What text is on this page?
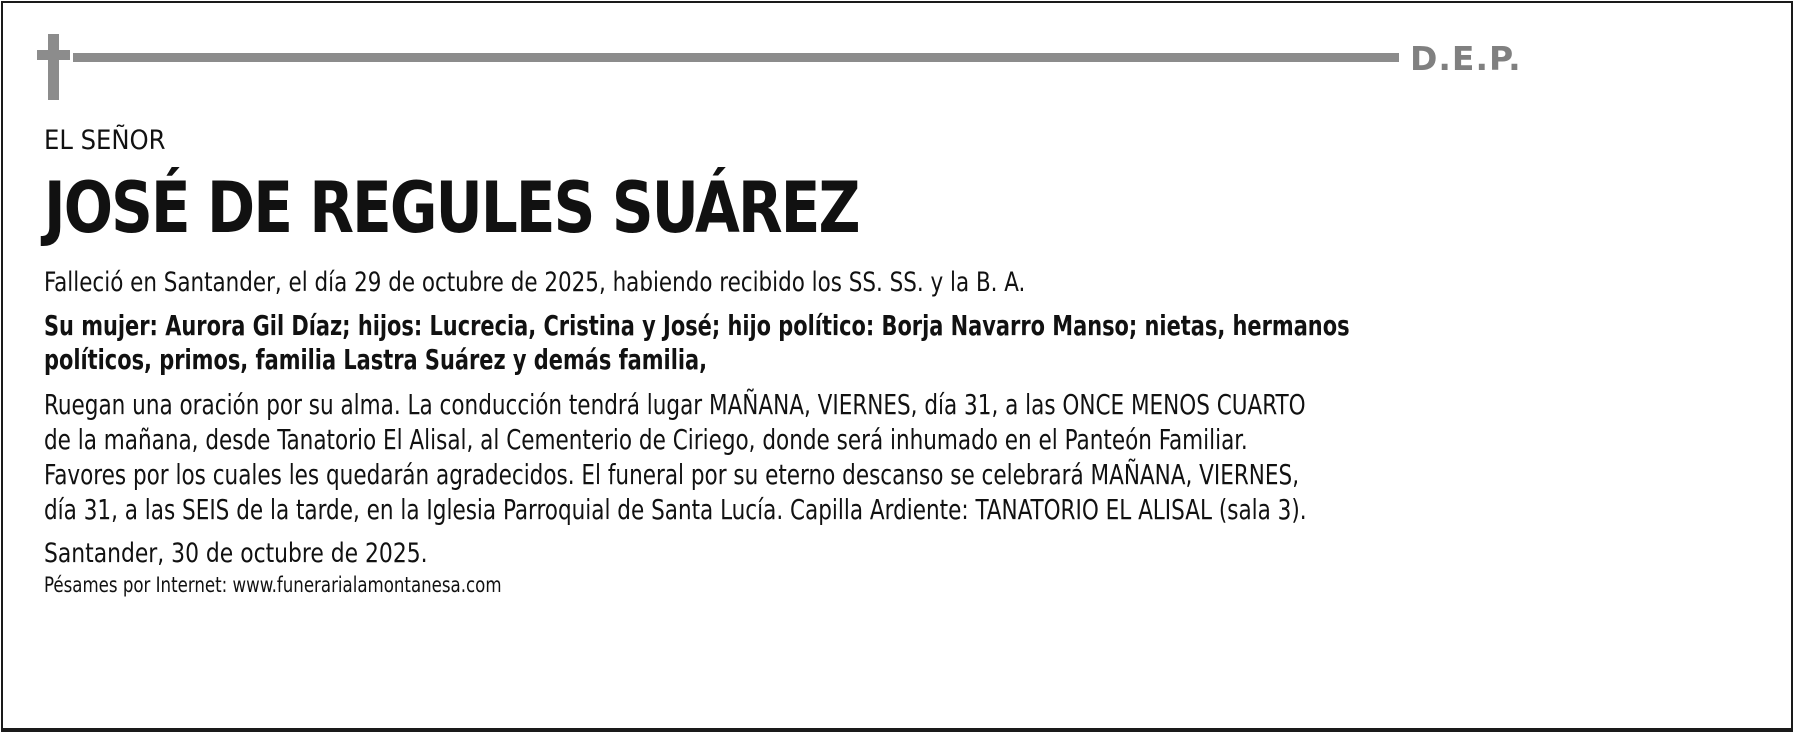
D.E.P.
EL SEÑOR
JOSÉ DE REGULES SUÁREZ
Falleció en Santander, el día 29 de octubre de 2025, habiendo recibido los SS. SS. y la B. A.
Su mujer: Aurora Gil Díaz; hijos: Lucrecia, Cristina y José; hijo político: Borja Navarro Manso; nietas, hermanos
políticos, primos, familia Lastra Suárez y demás familia,
Ruegan una oración por su alma. La conducción tendrá lugar MAÑANA, VIERNES, día 31, a las ONCE MENOS CUARTO
de la mañana, desde Tanatorio El Alisal, al Cementerio de Ciriego, donde será inhumado en el Panteón Familiar.
Favores por los cuales les quedarán agradecidos. El funeral por su eterno descanso se celebrará MAÑANA, VIERNES,
día 31, a las SEIS de la tarde, en la Iglesia Parroquial de Santa Lucía. Capilla Ardiente: TANATORIO EL ALISAL (sala 3).
Santander, 30 de octubre de 2025.
Pésames por Internet: www.funerarialamontanesa.com
